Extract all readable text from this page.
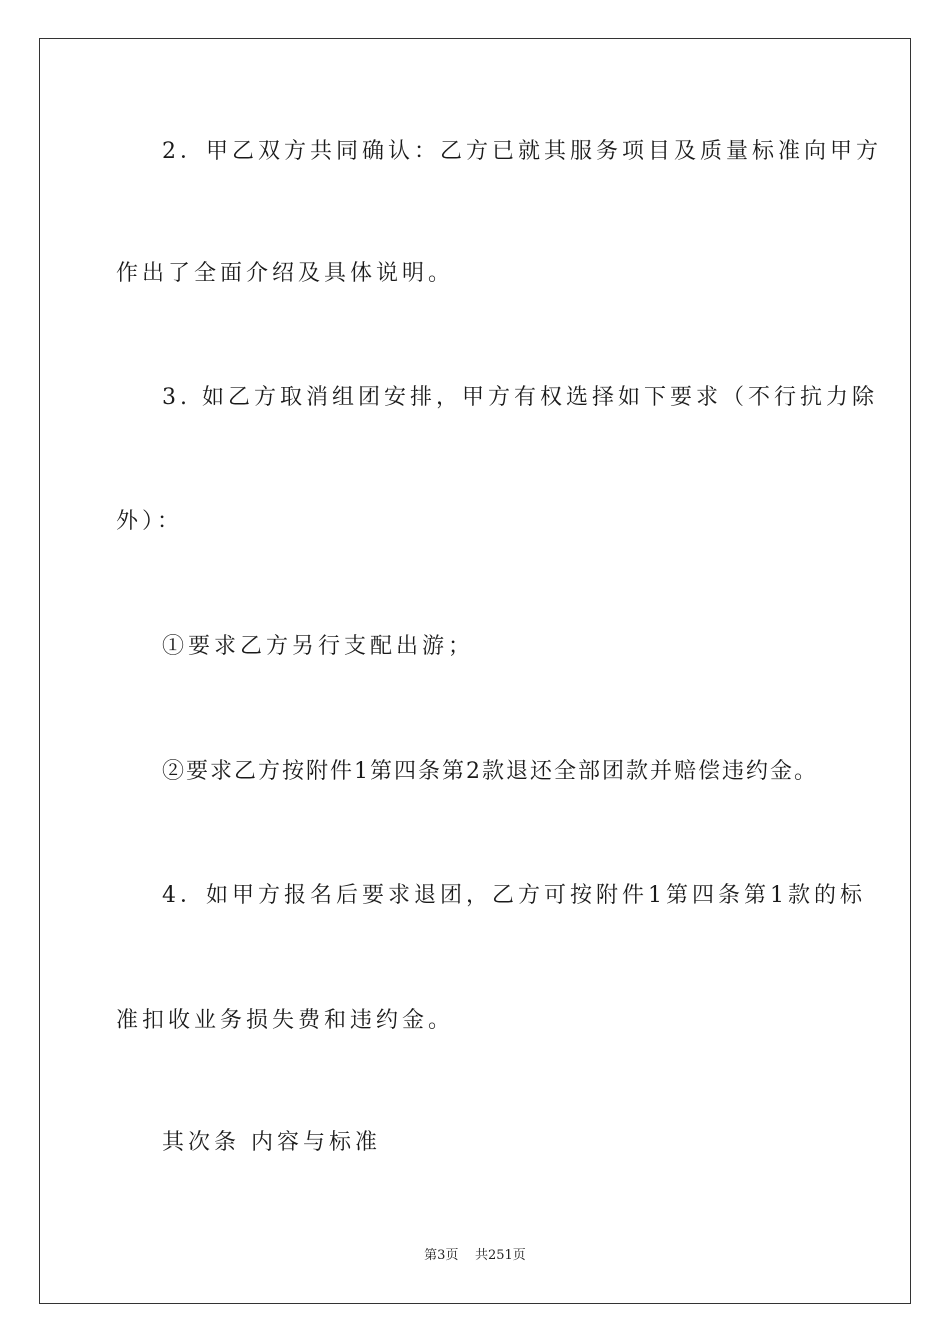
2．甲乙双方共同确认：乙方已就其服务项目及质量标准向甲方
作出了全面介绍及具体说明。
3. 如乙方取消组团安排，甲方有权选择如下要求（不行抗力除
外）：
①要求乙方另行支配出游；
②要求乙方按附件1第四条第2款退还全部团款并赔偿违约金。
4．如甲方报名后要求退团，乙方可按附件1第四条第1款的标
准扣收业务损失费和违约金。
其次条 内容与标准
第3页 共251页
